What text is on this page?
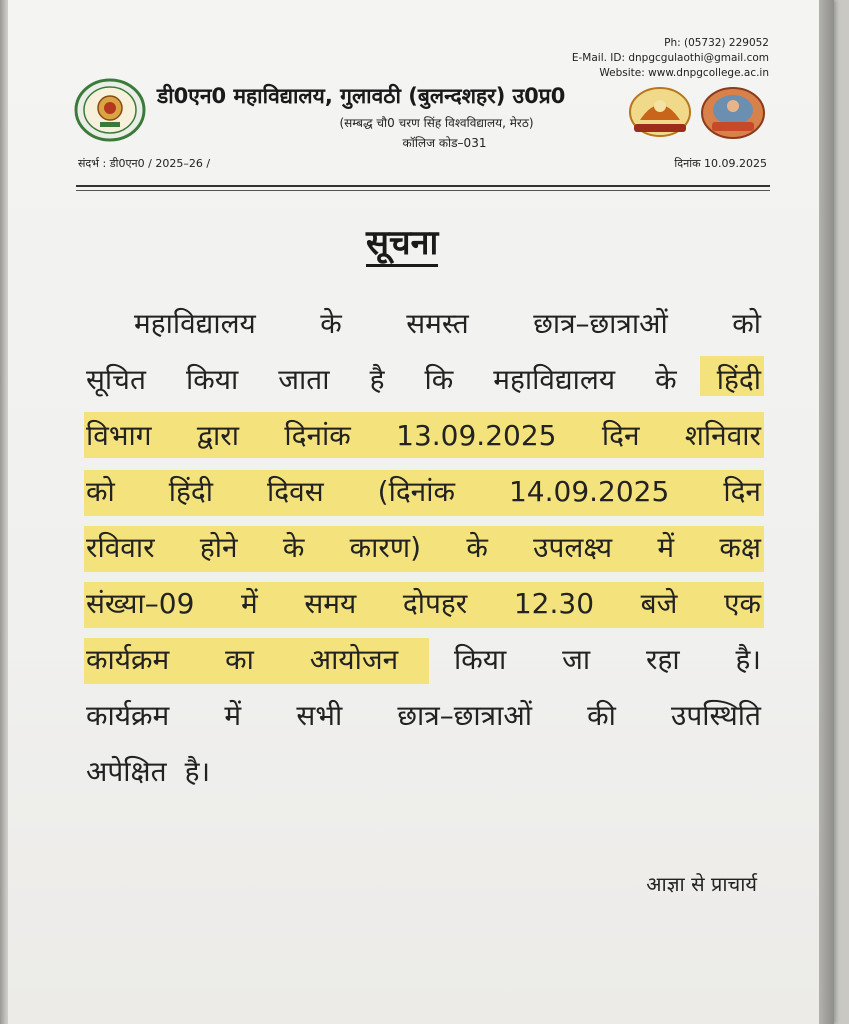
Ph: (05732) 229052
E-Mail. ID: dnpgcgulaothi@gmail.com
Website: www.dnpgcollege.ac.in
डी0एन0 महाविद्यालय, गुलावठी (बुलन्दशहर) उ0प्र0
(सम्बद्ध चौ0 चरण सिंह विश्वविद्यालय, मेरठ)
कॉलिज कोड–031
संदर्भ : डी0एन0 / 2025–26 /	दिनांक 10.09.2025
सूचना
महाविद्यालय के समस्त छात्र–छात्राओं को
सूचित किया जाता है कि महाविद्यालय के हिंदी
विभाग द्वारा दिनांक 13.09.2025 दिन शनिवार
को हिंदी दिवस (दिनांक 14.09.2025 दिन
रविवार होने के कारण) के उपलक्ष्य में कक्ष
संख्या–09 में समय दोपहर 12.30 बजे एक
कार्यक्रम का आयोजन किया जा रहा है।
कार्यक्रम में सभी छात्र–छात्राओं की उपस्थिति
अपेक्षित है।
आज्ञा से प्राचार्य
